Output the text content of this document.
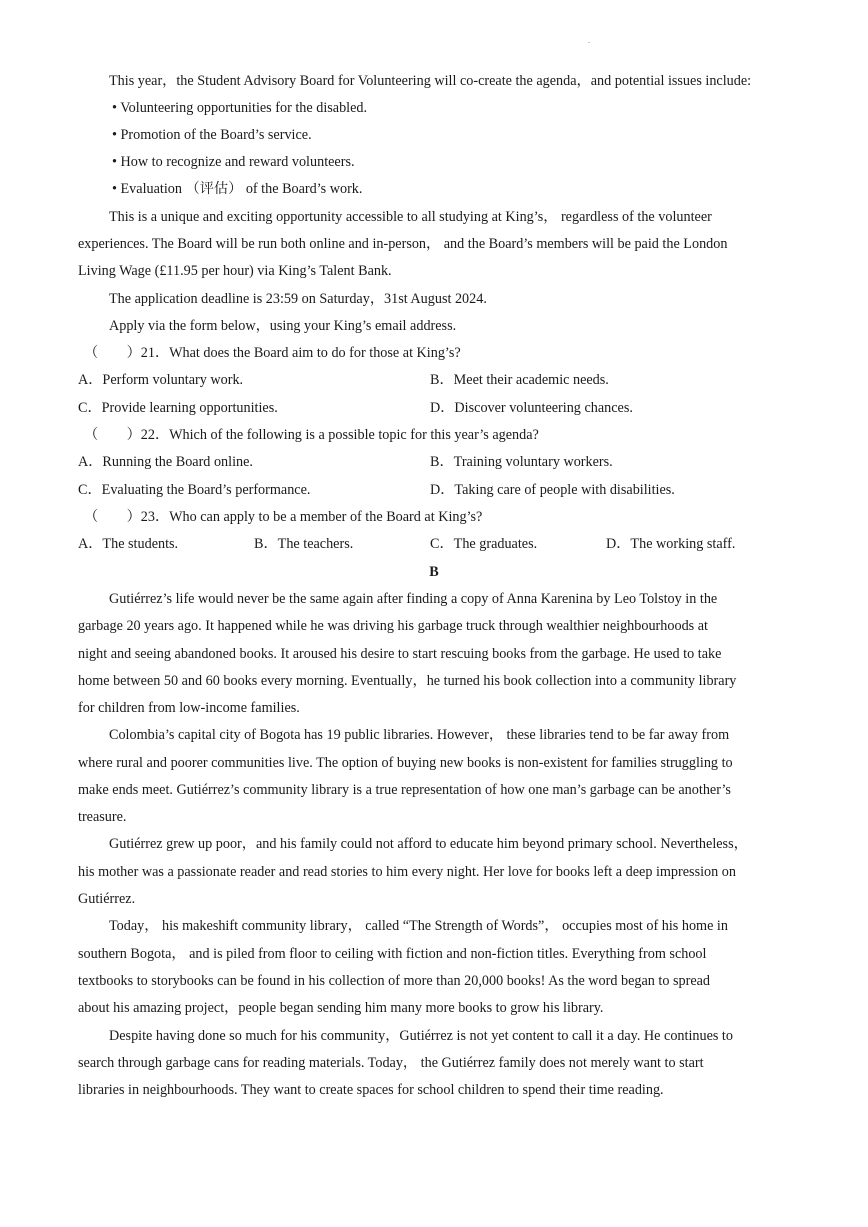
This year，the Student Advisory Board for Volunteering will co-create the agenda，and potential issues include:
• Volunteering opportunities for the disabled.
• Promotion of the Board’s service.
• How to recognize and reward volunteers.
• Evaluation （评估） of the Board’s work.
This is a unique and exciting opportunity accessible to all studying at King’s， regardless of the volunteer
experiences. The Board will be run both online and in-person， and the Board’s members will be paid the London
Living Wage (£11.95 per hour) via King’s Talent Bank.
The application deadline is 23:59 on Saturday，31st August 2024.
Apply via the form below，using your King’s email address.
（　　）21．What does the Board aim to do for those at King’s?
A．Perform voluntary work.	B．Meet their academic needs.
C．Provide learning opportunities.	D．Discover volunteering chances.
（　　）22．Which of the following is a possible topic for this year’s agenda?
A．Running the Board online.	B．Training voluntary workers.
C．Evaluating the Board’s performance.	D．Taking care of people with disabilities.
（　　）23．Who can apply to be a member of the Board at King’s?
A．The students.	B．The teachers.	C．The graduates.	D．The working staff.
B
Gutiérrez’s life would never be the same again after finding a copy of Anna Karenina by Leo Tolstoy in the
garbage 20 years ago. It happened while he was driving his garbage truck through wealthier neighbourhoods at
night and seeing abandoned books. It aroused his desire to start rescuing books from the garbage. He used to take
home between 50 and 60 books every morning. Eventually，he turned his book collection into a community library
for children from low-income families.
Colombia’s capital city of Bogota has 19 public libraries. However， these libraries tend to be far away from
where rural and poorer communities live. The option of buying new books is non-existent for families struggling to
make ends meet. Gutiérrez’s community library is a true representation of how one man’s garbage can be another’s
treasure.
Gutiérrez grew up poor，and his family could not afford to educate him beyond primary school. Nevertheless，
his mother was a passionate reader and read stories to him every night. Her love for books left a deep impression on
Gutiérrez.
Today， his makeshift community library， called “The Strength of Words”， occupies most of his home in
southern Bogota， and is piled from floor to ceiling with fiction and non-fiction titles. Everything from school
textbooks to storybooks can be found in his collection of more than 20,000 books! As the word began to spread
about his amazing project，people began sending him many more books to grow his library.
Despite having done so much for his community，Gutiérrez is not yet content to call it a day. He continues to
search through garbage cans for reading materials. Today， the Gutiérrez family does not merely want to start
libraries in neighbourhoods. They want to create spaces for school children to spend their time reading.
